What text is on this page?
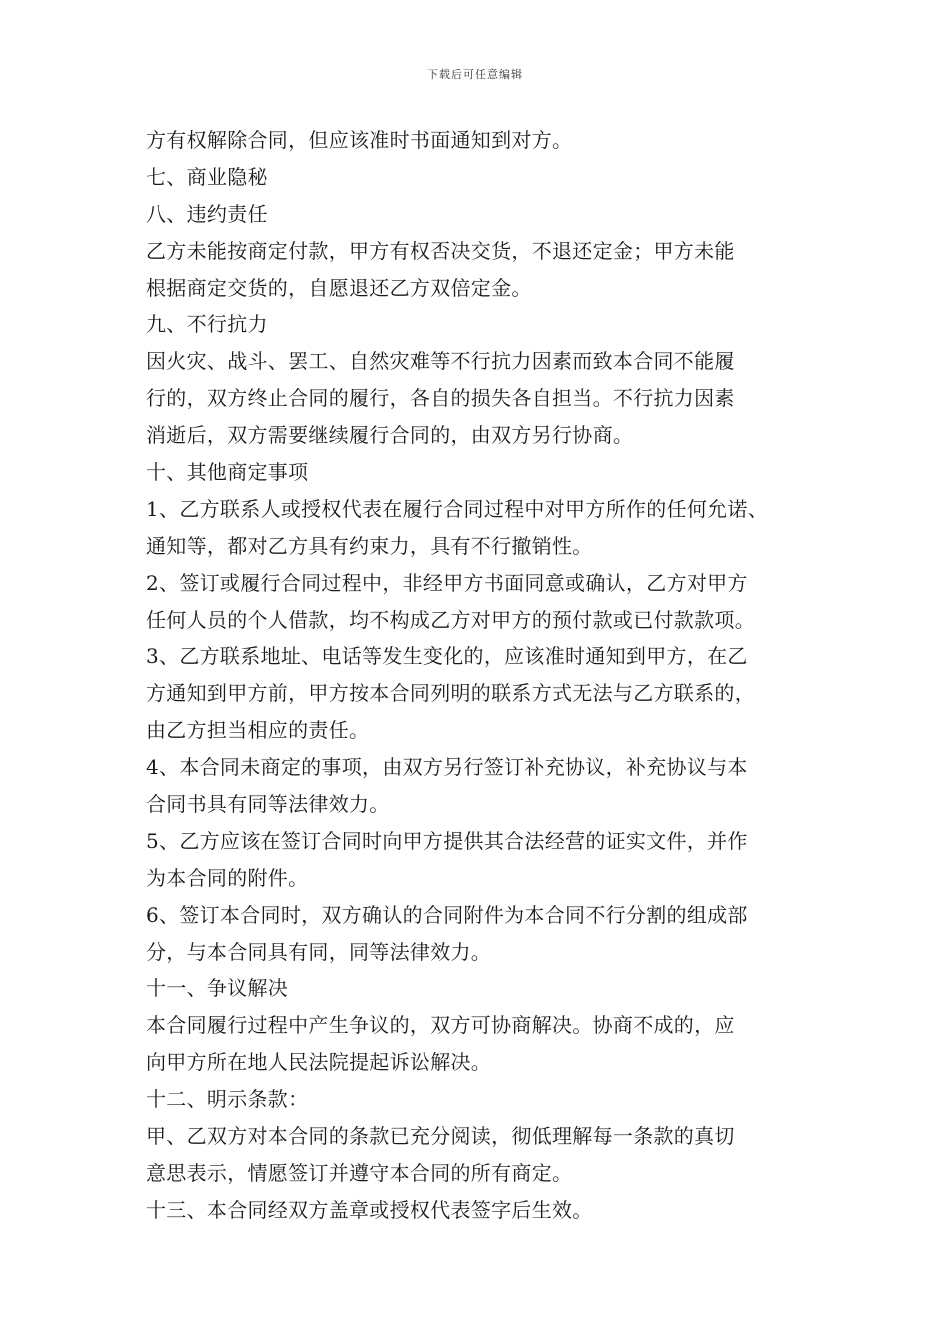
下载后可任意编辑
方有权解除合同，但应该准时书面通知到对方。
七、商业隐秘
八、违约责任
乙方未能按商定付款，甲方有权否决交货，不退还定金；甲方未能
根据商定交货的，自愿退还乙方双倍定金。
九、不行抗力
因火灾、战斗、罢工、自然灾难等不行抗力因素而致本合同不能履
行的，双方终止合同的履行，各自的损失各自担当。不行抗力因素
消逝后，双方需要继续履行合同的，由双方另行协商。
十、其他商定事项
1、乙方联系人或授权代表在履行合同过程中对甲方所作的任何允诺、
通知等，都对乙方具有约束力，具有不行撤销性。
2、签订或履行合同过程中，非经甲方书面同意或确认，乙方对甲方
任何人员的个人借款，均不构成乙方对甲方的预付款或已付款款项。
3、乙方联系地址、电话等发生变化的，应该准时通知到甲方，在乙
方通知到甲方前，甲方按本合同列明的联系方式无法与乙方联系的，
由乙方担当相应的责任。
4、本合同未商定的事项，由双方另行签订补充协议，补充协议与本
合同书具有同等法律效力。
5、乙方应该在签订合同时向甲方提供其合法经营的证实文件，并作
为本合同的附件。
6、签订本合同时，双方确认的合同附件为本合同不行分割的组成部
分，与本合同具有同，同等法律效力。
十一、争议解决
本合同履行过程中产生争议的，双方可协商解决。协商不成的，应
向甲方所在地人民法院提起诉讼解决。
十二、明示条款：
甲、乙双方对本合同的条款已充分阅读，彻低理解每一条款的真切
意思表示，情愿签订并遵守本合同的所有商定。
十三、本合同经双方盖章或授权代表签字后生效。
